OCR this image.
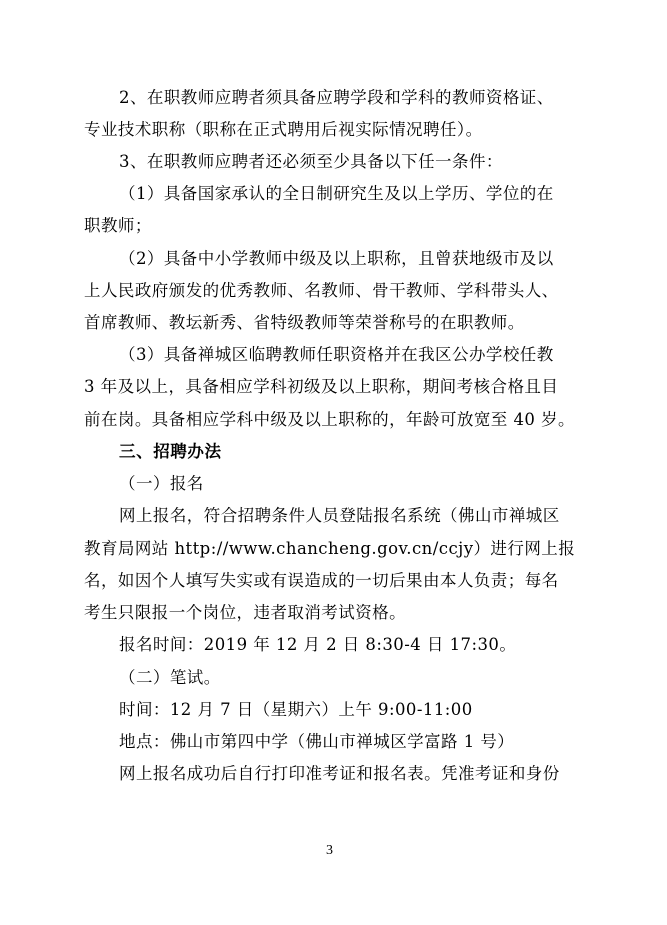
2、在职教师应聘者须具备应聘学段和学科的教师资格证、
专业技术职称（职称在正式聘用后视实际情况聘任）。
3、在职教师应聘者还必须至少具备以下任一条件：
（1）具备国家承认的全日制研究生及以上学历、学位的在
职教师；
（2）具备中小学教师中级及以上职称，且曾获地级市及以
上人民政府颁发的优秀教师、名教师、骨干教师、学科带头人、
首席教师、教坛新秀、省特级教师等荣誉称号的在职教师。
（3）具备禅城区临聘教师任职资格并在我区公办学校任教
3 年及以上，具备相应学科初级及以上职称，期间考核合格且目
前在岗。具备相应学科中级及以上职称的，年龄可放宽至 40 岁。
三、招聘办法
（一）报名
网上报名，符合招聘条件人员登陆报名系统（佛山市禅城区
教育局网站 http://www.chancheng.gov.cn/ccjy）进行网上报
名，如因个人填写失实或有误造成的一切后果由本人负责；每名
考生只限报一个岗位，违者取消考试资格。
报名时间：2019 年 12 月 2 日 8:30-4 日 17:30。
（二）笔试。
时间：12 月 7 日（星期六）上午 9:00-11:00
地点：佛山市第四中学（佛山市禅城区学富路 1 号）
网上报名成功后自行打印准考证和报名表。凭准考证和身份
3
